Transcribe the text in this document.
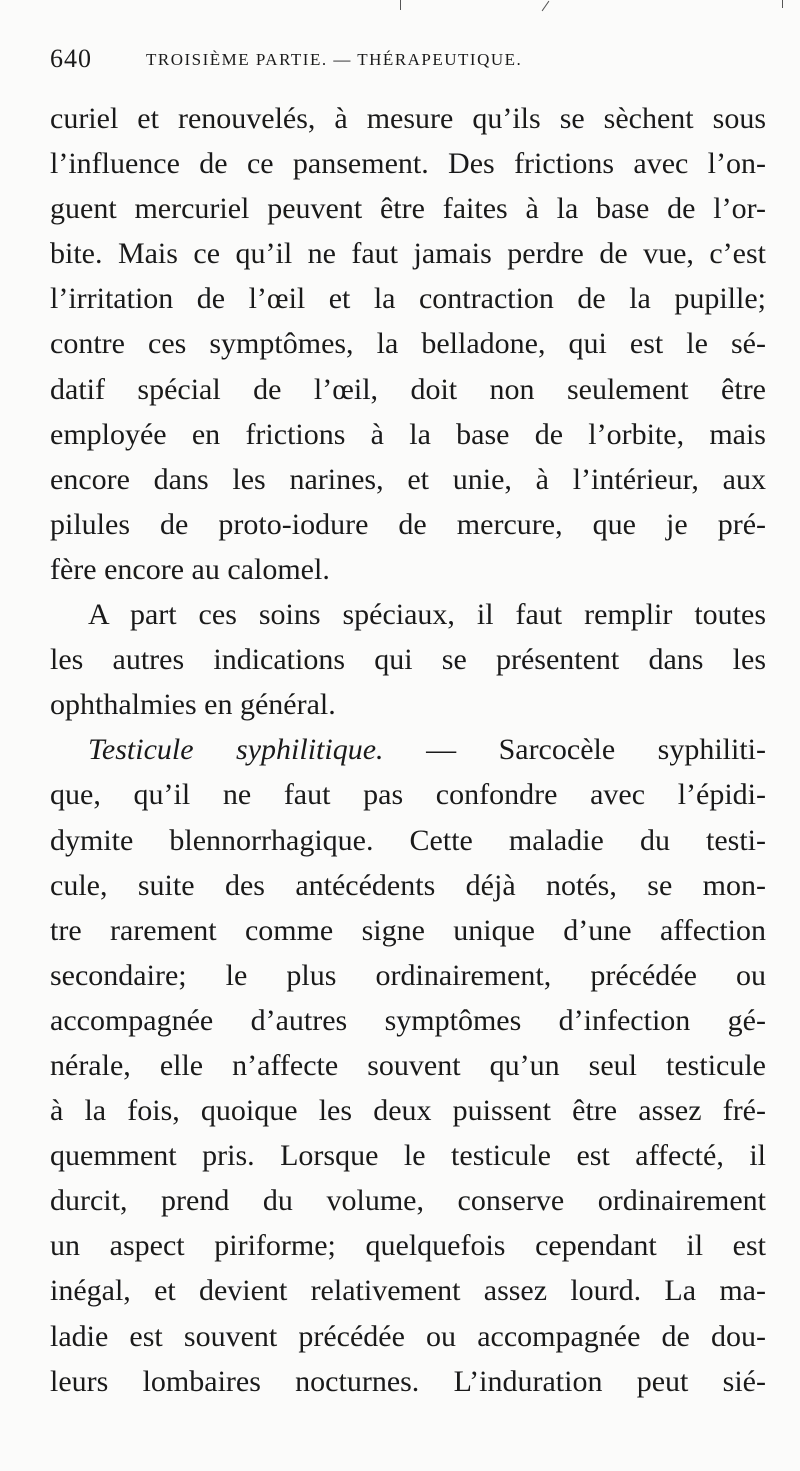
640	TROISIÈME PARTIE. — THÉRAPEUTIQUE.
curiel et renouvelés, à mesure qu’ils se sèchent sous
l’influence de ce pansement. Des frictions avec l’on-
guent mercuriel peuvent être faites à la base de l’or-
bite. Mais ce qu’il ne faut jamais perdre de vue, c’est
l’irritation de l’œil et la contraction de la pupille;
contre ces symptômes, la belladone, qui est le sé-
datif spécial de l’œil, doit non seulement être
employée en frictions à la base de l’orbite, mais
encore dans les narines, et unie, à l’intérieur, aux
pilules de proto-iodure de mercure, que je pré-
fère encore au calomel.
A part ces soins spéciaux, il faut remplir toutes
les autres indications qui se présentent dans les
ophthalmies en général.
Testicule syphilitique. — Sarcocèle syphiliti-
que, qu’il ne faut pas confondre avec l’épidi-
dymite blennorrhagique. Cette maladie du testi-
cule, suite des antécédents déjà notés, se mon-
tre rarement comme signe unique d’une affection
secondaire; le plus ordinairement, précédée ou
accompagnée d’autres symptômes d’infection gé-
nérale, elle n’affecte souvent qu’un seul testicule
à la fois, quoique les deux puissent être assez fré-
quemment pris. Lorsque le testicule est affecté, il
durcit, prend du volume, conserve ordinairement
un aspect piriforme; quelquefois cependant il est
inégal, et devient relativement assez lourd. La ma-
ladie est souvent précédée ou accompagnée de dou-
leurs lombaires nocturnes. L’induration peut sié-
